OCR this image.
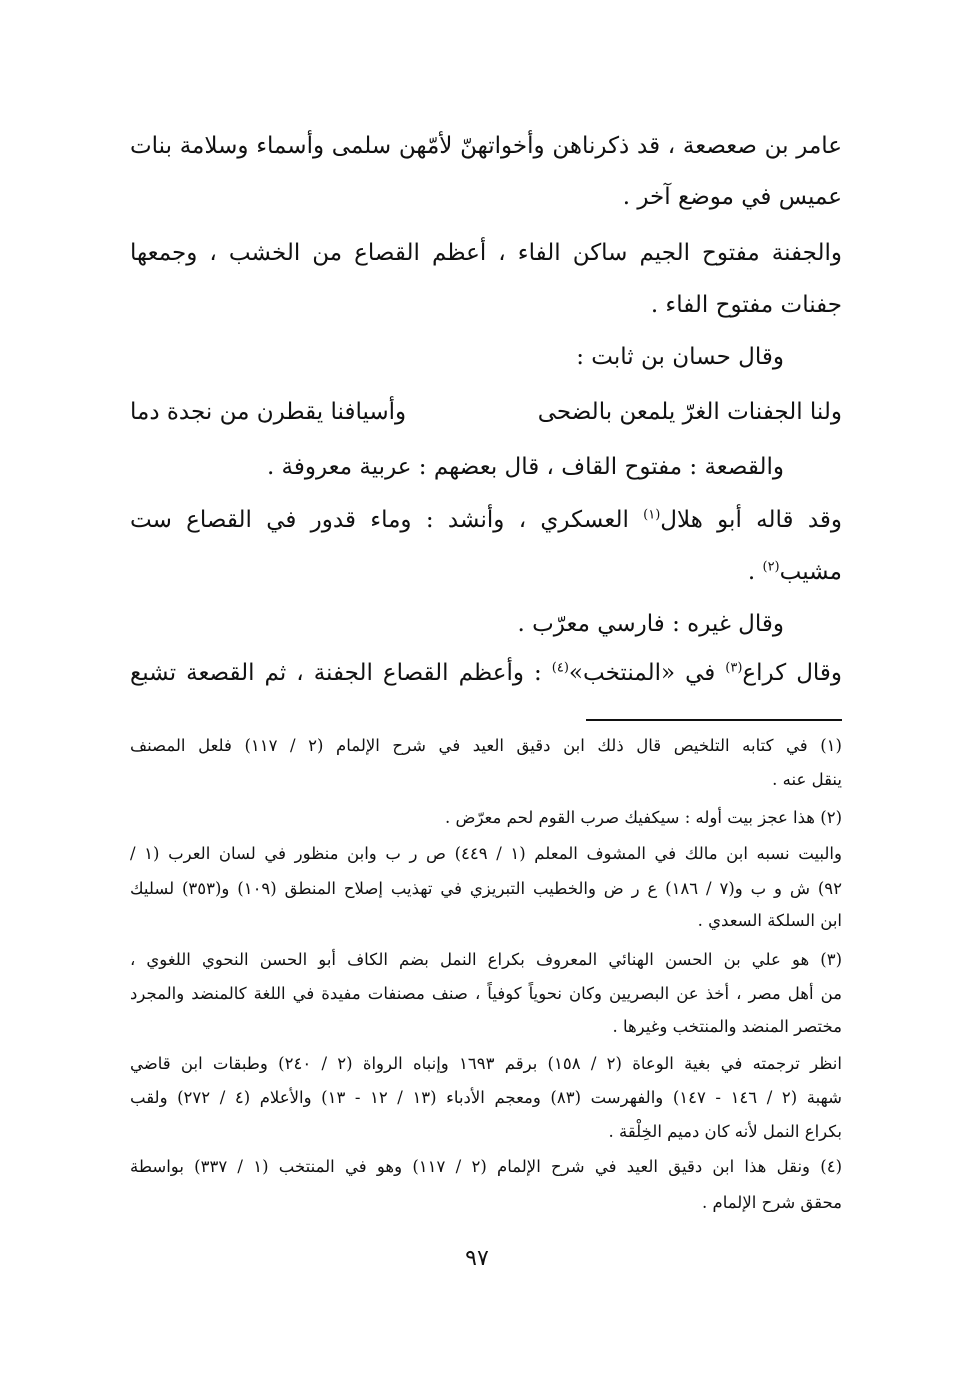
عامر بن صعصعة ، قد ذكرناهن وأخواتهنّ لأمّهن سلمى وأسماء وسلامة بنات
عميس في موضع آخر .
والجفنة مفتوح الجيم ساكن الفاء ، أعظم القصاع من الخشب ، وجمعها
جفنات مفتوح الفاء .
وقال حسان بن ثابت :
ولنا الجفنات الغرّ يلمعن بالضحى
وأسيافنا يقطرن من نجدة دما
والقصعة : مفتوح القاف ، قال بعضهم : عربية معروفة .
وقد قاله أبو هلال$^{(١)}$ العسكري ، وأنشد : وماء قدور في القصاع ست
مشيب$^{(٢)}$ .
وقال غيره : فارسي معرّب .
وقال كراع$^{(٣)}$ في «المنتخب»$^{(٤)}$ : وأعظم القصاع الجفنة ، ثم القصعة تشبع
(١) في كتابه التلخيص قال ذلك ابن دقيق العيد في شرح الإلمام (٢ / ١١٧) فلعل المصنف
ينقل عنه .
(٢) هذا عجز بيت أوله : سيكفيك صرب القوم لحم معرّض .
والبيت نسبه ابن مالك في المشوف المعلم (١ / ٤٤٩) ص ر ب وابن منظور في لسان العرب (١ /
٩٢) ش و ب و(٧ / ١٨٦) ع ر ض والخطيب التبريزي في تهذيب إصلاح المنطق (١٠٩) و(٣٥٣) لسليك
ابن السلكة السعدي .
(٣) هو علي بن الحسن الهنائي المعروف بكراع النمل بضم الكاف أبو الحسن النحوي اللغوي ،
من أهل مصر ، أخذ عن البصريين وكان نحوياً كوفياً ، صنف مصنفات مفيدة في اللغة كالمنضد والمجرد
مختصر المنضد والمنتخب وغيرها .
انظر ترجمته في بغية الوعاة (٢ / ١٥٨) برقم ١٦٩٣ وإنباه الرواة (٢ / ٢٤٠) وطبقات ابن قاضي
شهبة (٢ / ١٤٦ - ١٤٧) والفهرست (٨٣) ومعجم الأدباء (١٣ / ١٢ - ١٣) والأعلام (٤ / ٢٧٢) ولقب
بكراع النمل لأنه كان دميم الخِلْقة .
(٤) ونقل هذا ابن دقيق العيد في شرح الإلمام (٢ / ١١٧) وهو في المنتخب (١ / ٣٣٧) بواسطة
محقق شرح الإلمام .
٩٧
